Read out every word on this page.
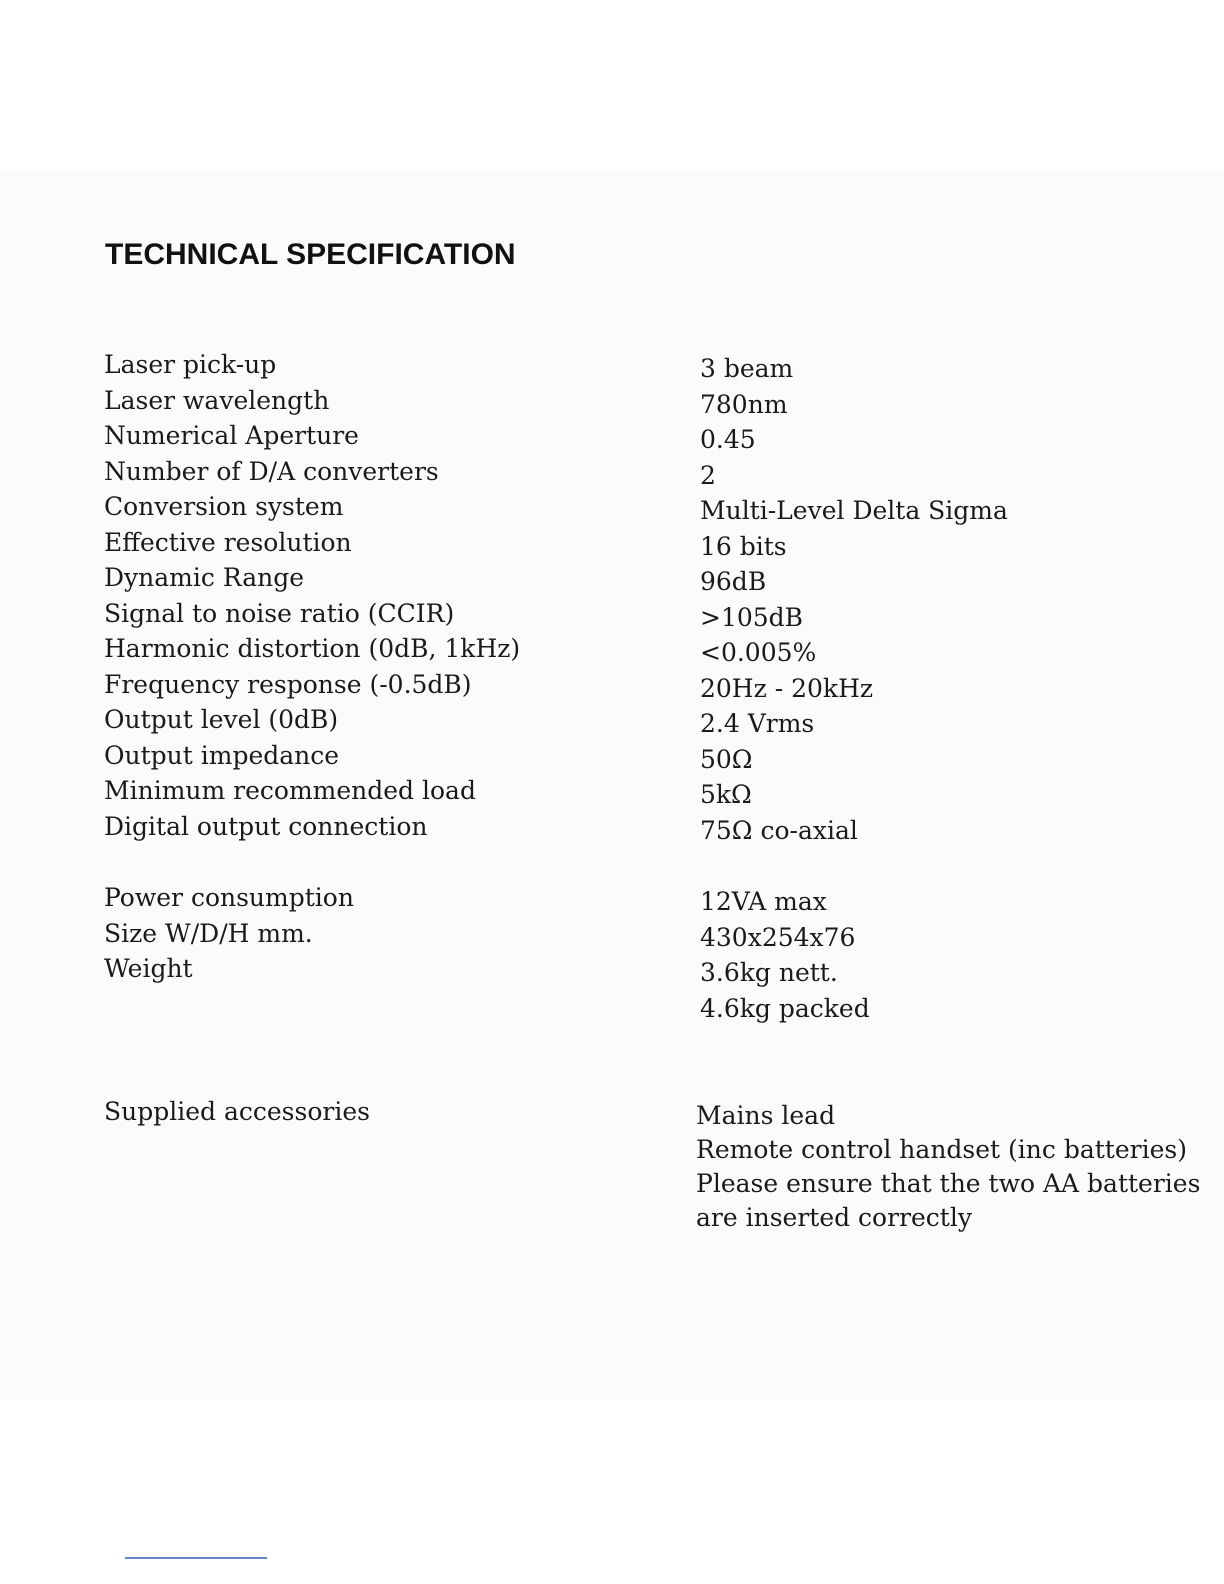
TECHNICAL SPECIFICATION
Laser pick-up
Laser wavelength
Numerical Aperture
Number of D/A converters
Conversion system
Effective resolution
Dynamic Range
Signal to noise ratio (CCIR)
Harmonic distortion (0dB, 1kHz)
Frequency response (-0.5dB)
Output level (0dB)
Output impedance
Minimum recommended load
Digital output connection
3 beam
780nm
0.45
2
Multi-Level Delta Sigma
16 bits
96dB
>105dB
<0.005%
20Hz - 20kHz
2.4 Vrms
50Ω
5kΩ
75Ω co-axial
Power consumption
Size W/D/H mm.
Weight
12VA max
430x254x76
3.6kg nett.
4.6kg packed
Supplied accessories	Mains lead
Remote control handset (inc batteries)
Please ensure that the two AA batteries
are inserted correctly
